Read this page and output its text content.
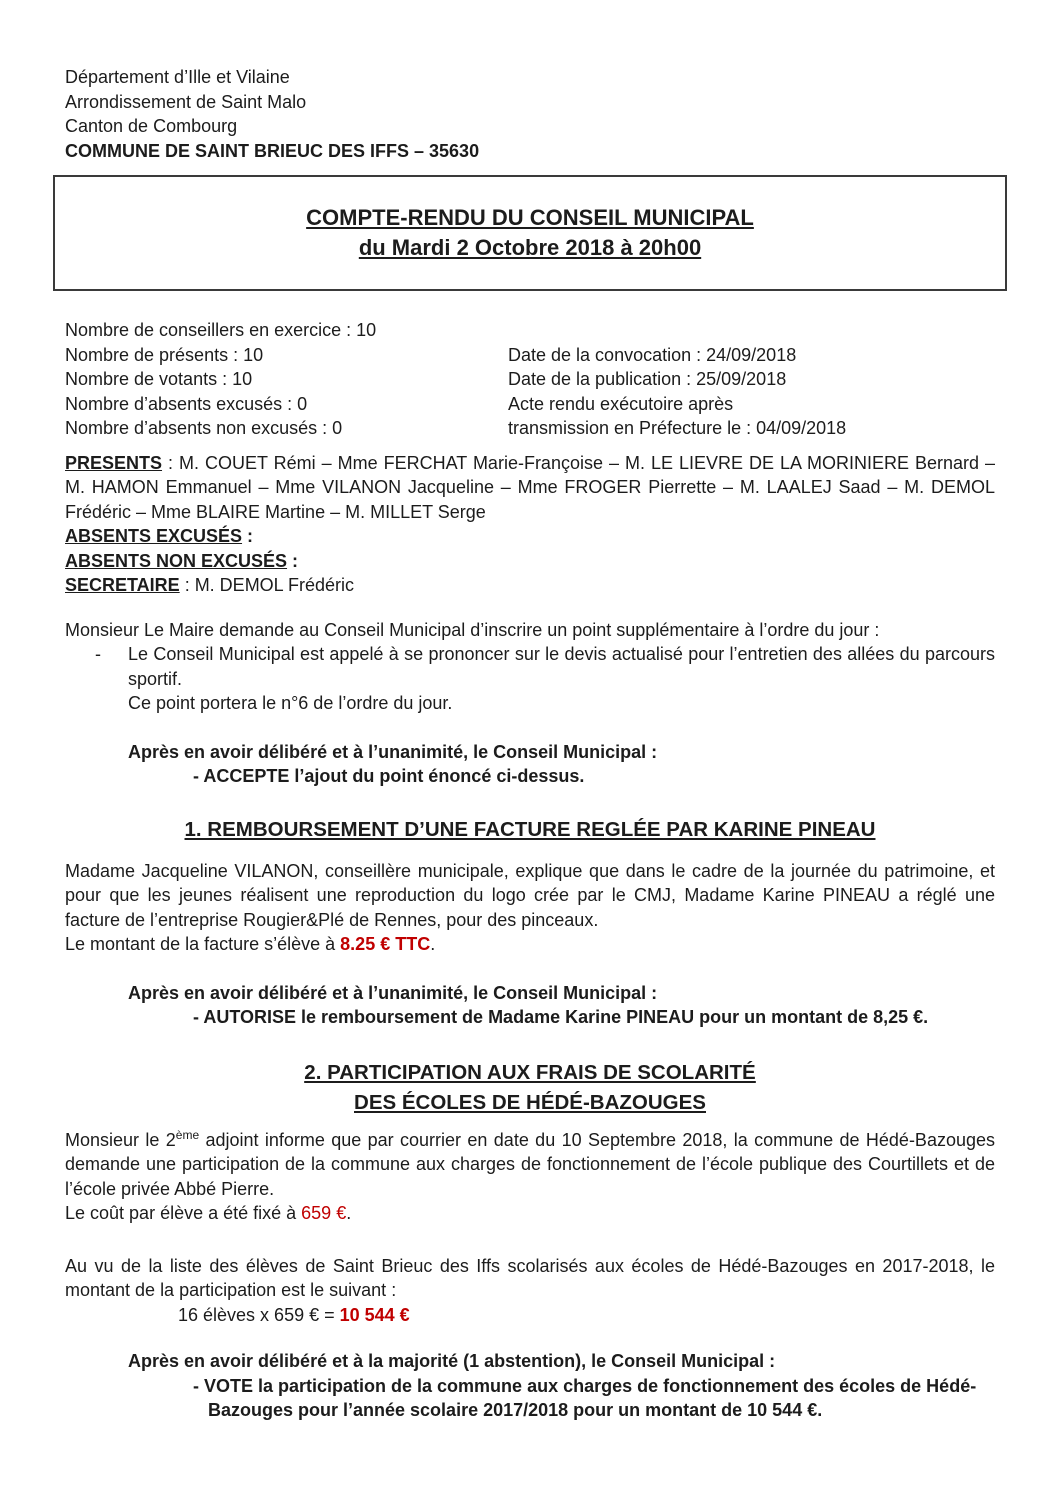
Département d’Ille et Vilaine
Arrondissement de Saint Malo
Canton de Combourg
COMMUNE DE SAINT BRIEUC DES IFFS – 35630
COMPTE-RENDU DU CONSEIL MUNICIPAL
du Mardi 2 Octobre 2018 à 20h00
Nombre de conseillers en exercice : 10
Nombre de présents : 10
Nombre de votants : 10
Nombre d’absents excusés : 0
Nombre d’absents non excusés : 0
Date de la convocation : 24/09/2018
Date de la publication : 25/09/2018
Acte rendu exécutoire après
transmission en Préfecture le : 04/09/2018

PRESENTS : M. COUET Rémi – Mme FERCHAT Marie-Françoise – M. LE LIEVRE DE LA MORINIERE Bernard – M. HAMON Emmanuel – Mme VILANON Jacqueline – Mme FROGER Pierrette – M. LAALEJ Saad – M. DEMOL Frédéric – Mme BLAIRE Martine – M. MILLET Serge

ABSENTS EXCUSÉS :

ABSENTS NON EXCUSÉS :

SECRETAIRE : M. DEMOL Frédéric

Monsieur Le Maire demande au Conseil Municipal d’inscrire un point supplémentaire à l’ordre du jour :

-	Le Conseil Municipal est appelé à se prononcer sur le devis actualisé pour l’entretien des allées du parcours sportif.

Ce point portera le n°6 de l’ordre du jour.

Après en avoir délibéré et à l’unanimité, le Conseil Municipal :

- ACCEPTE l’ajout du point énoncé ci-dessus.

1. REMBOURSEMENT D’UNE FACTURE REGLÉE PAR KARINE PINEAU

Madame Jacqueline VILANON, conseillère municipale, explique que dans le cadre de la journée du patrimoine, et pour que les jeunes réalisent une reproduction du logo crée par le CMJ, Madame Karine PINEAU a réglé une facture de l’entreprise Rougier&Plé de Rennes, pour des pinceaux.

Le montant de la facture s’élève à 8.25 € TTC.

Après en avoir délibéré et à l’unanimité, le Conseil Municipal :

- AUTORISE le remboursement de Madame Karine PINEAU pour un montant de 8,25 €.

2. PARTICIPATION AUX FRAIS DE SCOLARITÉ
DES ÉCOLES DE HÉDÉ-BAZOUGES

Monsieur le 2ème adjoint informe que par courrier en date du 10 Septembre 2018, la commune de Hédé-Bazouges demande une participation de la commune aux charges de fonctionnement de l’école publique des Courtillets et de l’école privée Abbé Pierre.

Le coût par élève a été fixé à 659 €.

Au vu de la liste des élèves de Saint Brieuc des Iffs scolarisés aux écoles de Hédé-Bazouges en 2017-2018, le montant de la participation est le suivant :

16 élèves x 659 € = 10 544 €

Après en avoir délibéré et à la majorité (1 abstention), le Conseil Municipal :

- VOTE la participation de la commune aux charges de fonctionnement des écoles de Hédé-Bazouges pour l’année scolaire 2017/2018 pour un montant de 10 544 €.
